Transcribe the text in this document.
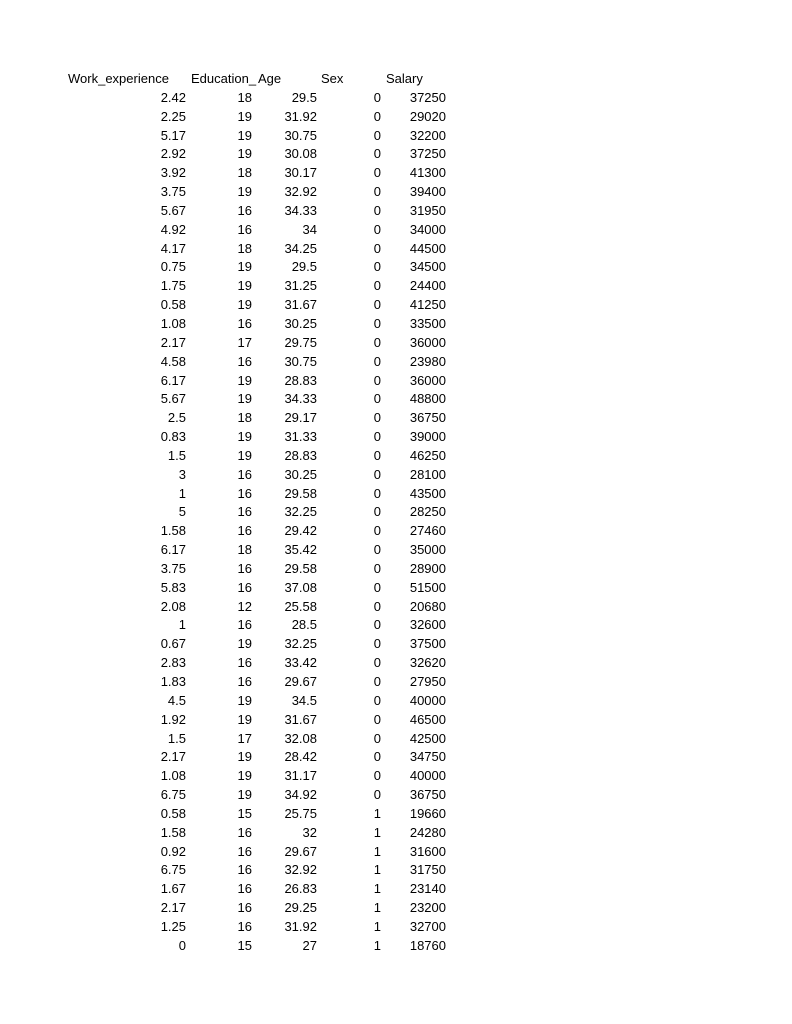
Work_experience Education_ Age	Sex	Salary
2.42	18	29.5	0 37250
2.25	19 31.92	0 29020
5.17	19 30.75	0 32200
2.92	19 30.08	0 37250
3.92	18 30.17	0 41300
3.75	19 32.92	0 39400
5.67	16 34.33	0 31950
4.92	16	34	0 34000
4.17	18 34.25	0 44500
0.75	19	29.5	0 34500
1.75	19 31.25	0 24400
0.58	19 31.67	0 41250
1.08	16 30.25	0 33500
2.17	17 29.75	0 36000
4.58	16 30.75	0 23980
6.17	19 28.83	0 36000
5.67	19 34.33	0 48800
2.5	18 29.17	0 36750
0.83	19 31.33	0 39000
1.5	19 28.83	0 46250
3	16 30.25	0 28100
1	16 29.58	0 43500
5	16 32.25	0 28250
1.58	16 29.42	0 27460
6.17	18 35.42	0 35000
3.75	16 29.58	0 28900
5.83	16 37.08	0 51500
2.08	12 25.58	0 20680
1	16	28.5	0 32600
0.67	19 32.25	0 37500
2.83	16 33.42	0 32620
1.83	16 29.67	0 27950
4.5	19	34.5	0 40000
1.92	19 31.67	0 46500
1.5	17 32.08	0 42500
2.17	19 28.42	0 34750
1.08	19 31.17	0 40000
6.75	19 34.92	0 36750
0.58	15 25.75	1 19660
1.58	16	32	1 24280
0.92	16 29.67	1 31600
6.75	16 32.92	1 31750
1.67	16 26.83	1 23140
2.17	16 29.25	1 23200
1.25	16 31.92	1 32700
0	15	27	1 18760
